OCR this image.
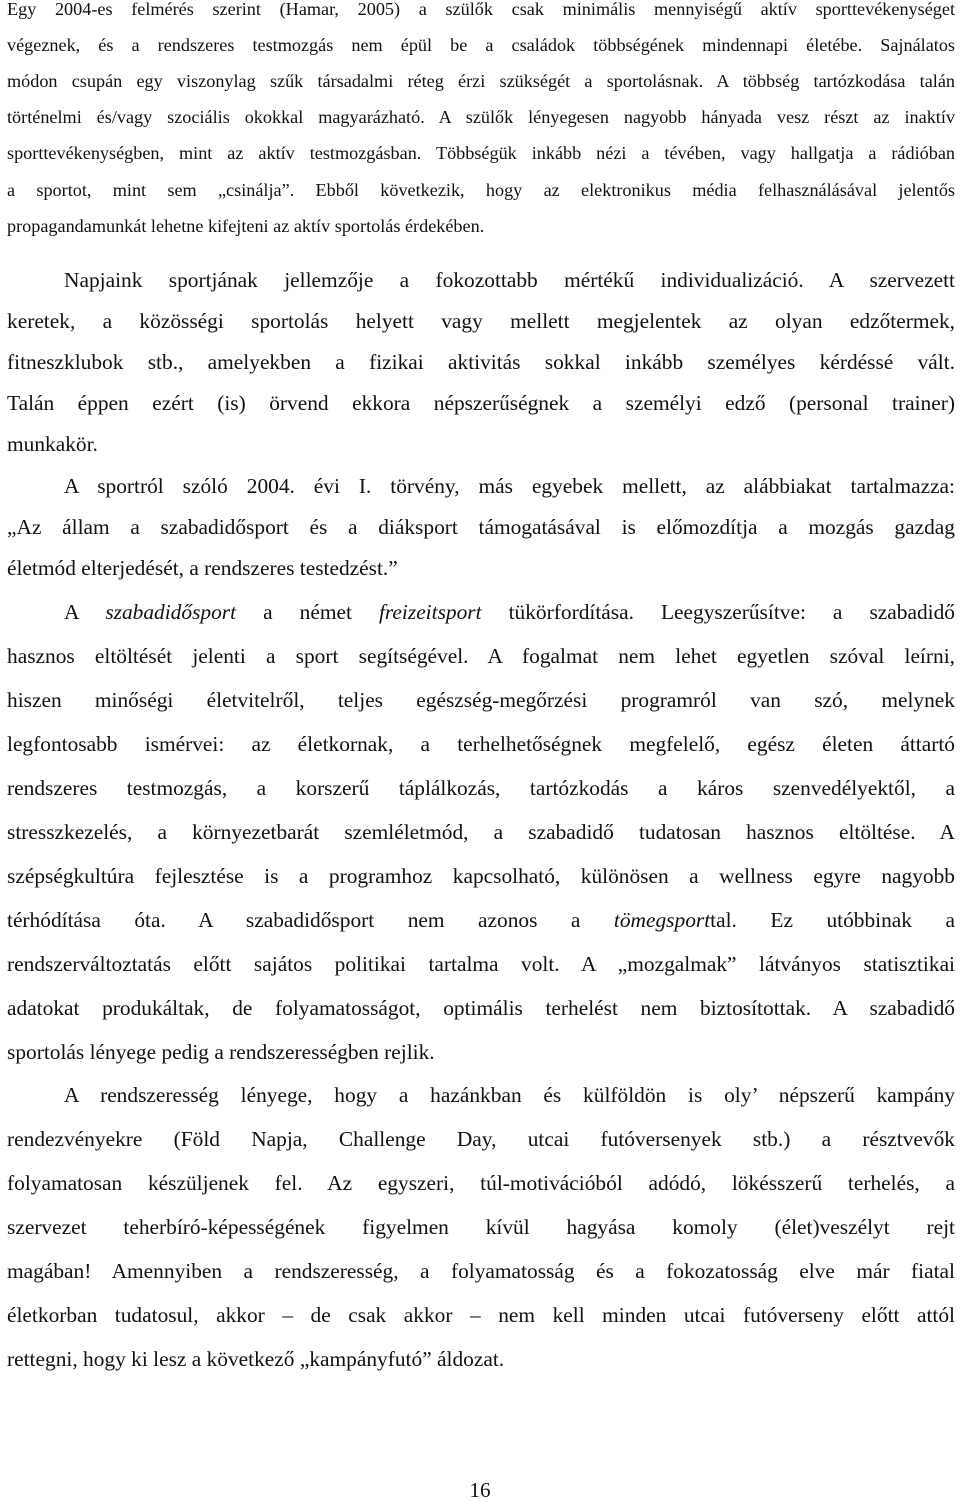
Egy 2004-es felmérés szerint (Hamar, 2005) a szülők csak minimális mennyiségű aktív sporttevékenységet
végeznek, és a rendszeres testmozgás nem épül be a családok többségének mindennapi életébe. Sajnálatos
módon csupán egy viszonylag szűk társadalmi réteg érzi szükségét a sportolásnak. A többség tartózkodása talán
történelmi és/vagy szociális okokkal magyarázható. A szülők lényegesen nagyobb hányada vesz részt az inaktív
sporttevékenységben, mint az aktív testmozgásban. Többségük inkább nézi a tévében, vagy hallgatja a rádióban
a sportot, mint sem „csinálja”. Ebből következik, hogy az elektronikus média felhasználásával jelentős
propagandamunkát lehetne kifejteni az aktív sportolás érdekében.
Napjaink sportjának jellemzője a fokozottabb mértékű individualizáció. A szervezett
keretek, a közösségi sportolás helyett vagy mellett megjelentek az olyan edzőtermek,
fitneszklubok stb., amelyekben a fizikai aktivitás sokkal inkább személyes kérdéssé vált.
Talán éppen ezért (is) örvend ekkora népszerűségnek a személyi edző (personal trainer)
munkakör.
A sportról szóló 2004. évi I. törvény, más egyebek mellett, az alábbiakat tartalmazza:
„Az állam a szabadidősport és a diáksport támogatásával is előmozdítja a mozgás gazdag
életmód elterjedését, a rendszeres testedzést.”
A szabadidősport a német freizeitsport tükörfordítása. Leegyszerűsítve: a szabadidő
hasznos eltöltését jelenti a sport segítségével. A fogalmat nem lehet egyetlen szóval leírni,
hiszen minőségi életvitelről, teljes egészség-megőrzési programról van szó, melynek
legfontosabb ismérvei: az életkornak, a terhelhetőségnek megfelelő, egész életen áttartó
rendszeres testmozgás, a korszerű táplálkozás, tartózkodás a káros szenvedélyektől, a
stresszkezelés, a környezetbarát szemléletmód, a szabadidő tudatosan hasznos eltöltése. A
szépségkultúra fejlesztése is a programhoz kapcsolható, különösen a wellness egyre nagyobb
térhódítása óta. A szabadidősport nem azonos a tömegsporttal. Ez utóbbinak a
rendszerváltoztatás előtt sajátos politikai tartalma volt. A „mozgalmak” látványos statisztikai
adatokat produkáltak, de folyamatosságot, optimális terhelést nem biztosítottak. A szabadidő
sportolás lényege pedig a rendszerességben rejlik.
A rendszeresség lényege, hogy a hazánkban és külföldön is oly’ népszerű kampány
rendezvényekre (Föld Napja, Challenge Day, utcai futóversenyek stb.) a résztvevők
folyamatosan készüljenek fel. Az egyszeri, túl-motivációból adódó, lökésszerű terhelés, a
szervezet teherbíró-képességének figyelmen kívül hagyása komoly (élet)veszélyt rejt
magában! Amennyiben a rendszeresség, a folyamatosság és a fokozatosság elve már fiatal
életkorban tudatosul, akkor – de csak akkor – nem kell minden utcai futóverseny előtt attól
rettegni, hogy ki lesz a következő „kampányfutó” áldozat.
16
